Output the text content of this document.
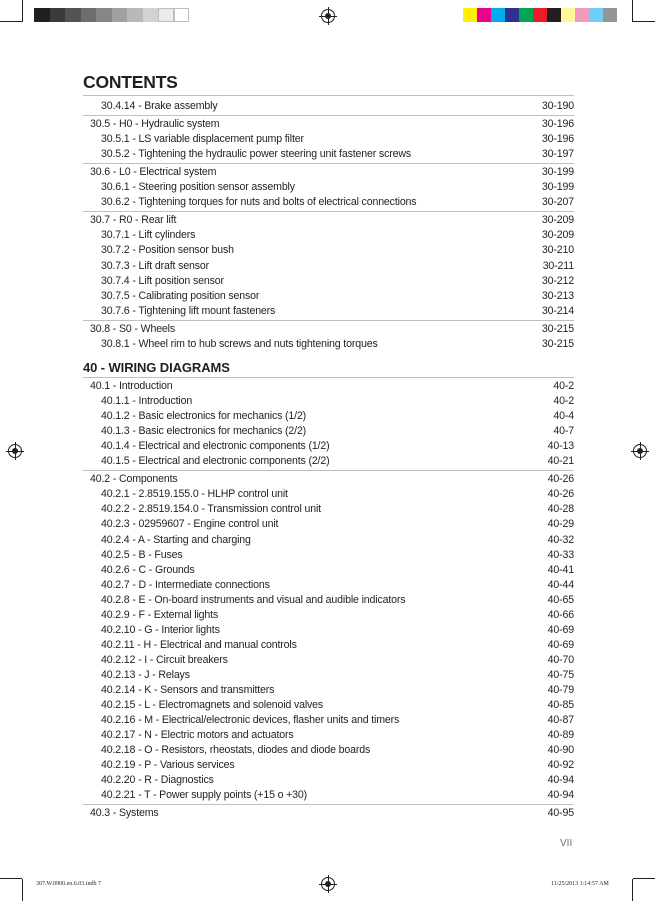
CONTENTS
30.4.14 - Brake assembly	30-190
30.5 - H0 - Hydraulic system	30-196
30.5.1 - LS variable displacement pump filter	30-196
30.5.2 - Tightening the hydraulic power steering unit fastener screws	30-197
30.6 - L0 - Electrical system	30-199
30.6.1 - Steering position sensor assembly	30-199
30.6.2 - Tightening torques for nuts and bolts of electrical connections	30-207
30.7 - R0 - Rear lift	30-209
30.7.1 - Lift cylinders	30-209
30.7.2 - Position sensor bush	30-210
30.7.3 - Lift draft sensor	30-211
30.7.4 - Lift position sensor	30-212
30.7.5 - Calibrating position sensor	30-213
30.7.6 - Tightening lift mount fasteners	30-214
30.8 - S0 - Wheels	30-215
30.8.1 - Wheel rim to hub screws and nuts tightening torques	30-215
40 - WIRING DIAGRAMS
40.1 - Introduction	40-2
40.1.1 - Introduction	40-2
40.1.2 - Basic electronics for mechanics (1/2)	40-4
40.1.3 - Basic electronics for mechanics (2/2)	40-7
40.1.4 - Electrical and electronic components (1/2)	40-13
40.1.5 - Electrical and electronic components (2/2)	40-21
40.2 - Components	40-26
40.2.1 - 2.8519.155.0 - HLHP control unit	40-26
40.2.2 - 2.8519.154.0 - Transmission control unit	40-28
40.2.3 - 02959607 - Engine control unit	40-29
40.2.4 - A - Starting and charging	40-32
40.2.5 - B - Fuses	40-33
40.2.6 - C - Grounds	40-41
40.2.7 - D - Intermediate connections	40-44
40.2.8 - E - On-board instruments and visual and audible indicators	40-65
40.2.9 - F - External lights	40-66
40.2.10 - G - Interior lights	40-69
40.2.11 - H - Electrical and manual controls	40-69
40.2.12 - I - Circuit breakers	40-70
40.2.13 - J - Relays	40-75
40.2.14 - K - Sensors and transmitters	40-79
40.2.15 - L - Electromagnets and solenoid valves	40-85
40.2.16 - M - Electrical/electronic devices, flasher units and timers	40-87
40.2.17 - N - Electric motors and actuators	40-89
40.2.18 - O - Resistors, rheostats, diodes and diode boards	40-90
40.2.19 - P - Various services	40-92
40.2.20 - R - Diagnostics	40-94
40.2.21 - T - Power supply points (+15 o +30)	40-94
40.3 - Systems	40-95
VII
307.W.0900.en.6.03.indb 7	11/25/2013 1:14:57 AM
